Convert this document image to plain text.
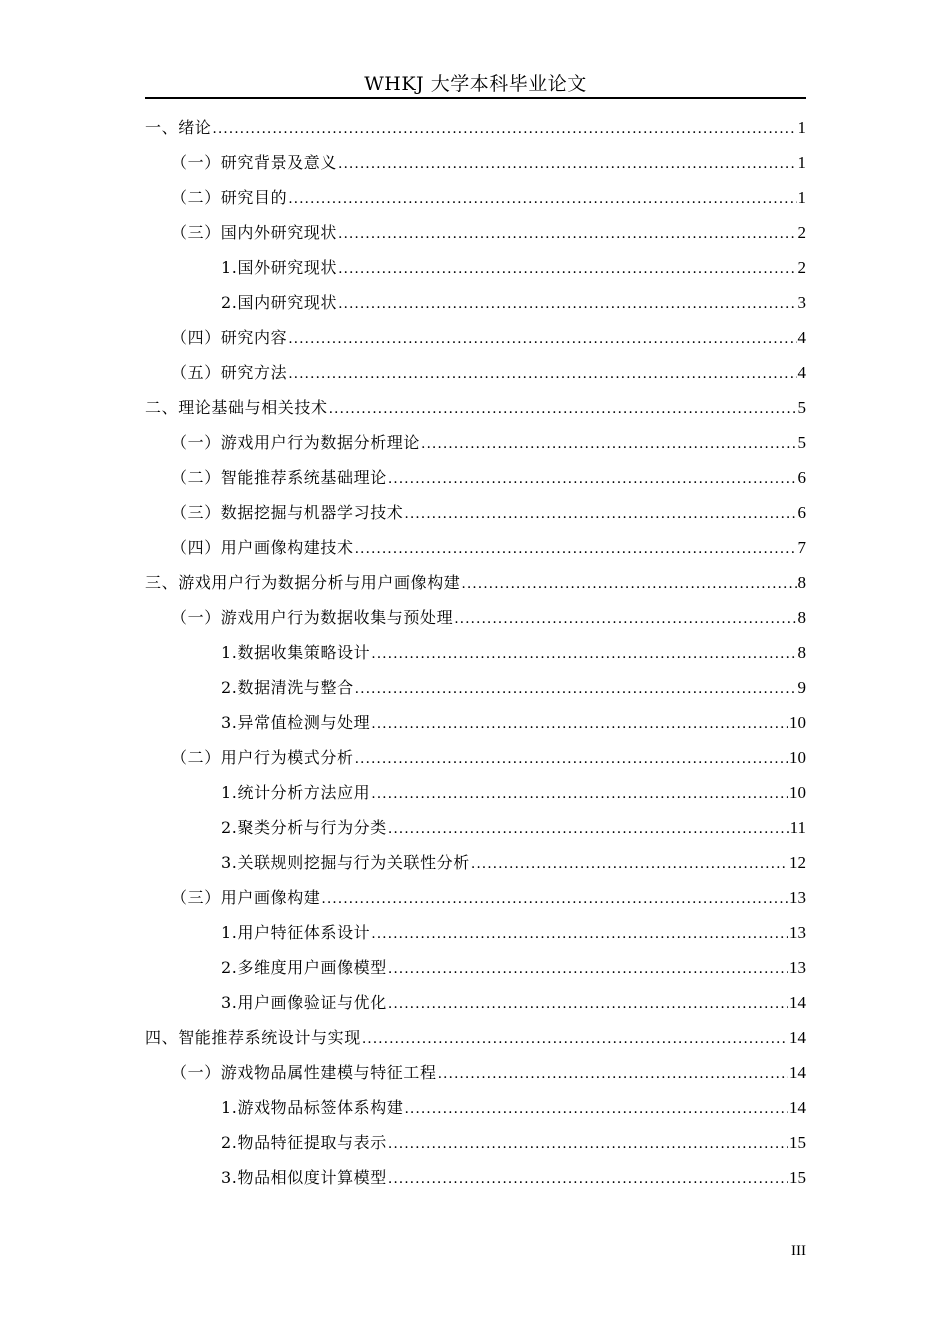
WHKJ 大学本科毕业论文
一、绪论 .....	1
（一）研究背景及意义 .....	1
（二）研究目的 .....	1
（三）国内外研究现状 .....	2
1.国外研究现状 .....	2
2.国内研究现状 .....	3
（四）研究内容 .....	4
（五）研究方法 .....	4
二、理论基础与相关技术 .....	5
（一）游戏用户行为数据分析理论 .....	5
（二）智能推荐系统基础理论 .....	6
（三）数据挖掘与机器学习技术 .....	6
（四）用户画像构建技术 .....	7
三、游戏用户行为数据分析与用户画像构建 .....	8
（一）游戏用户行为数据收集与预处理 .....	8
1.数据收集策略设计 .....	8
2.数据清洗与整合 .....	9
3.异常值检测与处理 .....	10
（二）用户行为模式分析 .....	10
1.统计分析方法应用 .....	10
2.聚类分析与行为分类 .....	11
3.关联规则挖掘与行为关联性分析 .....	12
（三）用户画像构建 .....	13
1.用户特征体系设计 .....	13
2.多维度用户画像模型 .....	13
3.用户画像验证与优化 .....	14
四、智能推荐系统设计与实现 .....	14
（一）游戏物品属性建模与特征工程 .....	14
1.游戏物品标签体系构建 .....	14
2.物品特征提取与表示 .....	15
3.物品相似度计算模型 .....	15
III
